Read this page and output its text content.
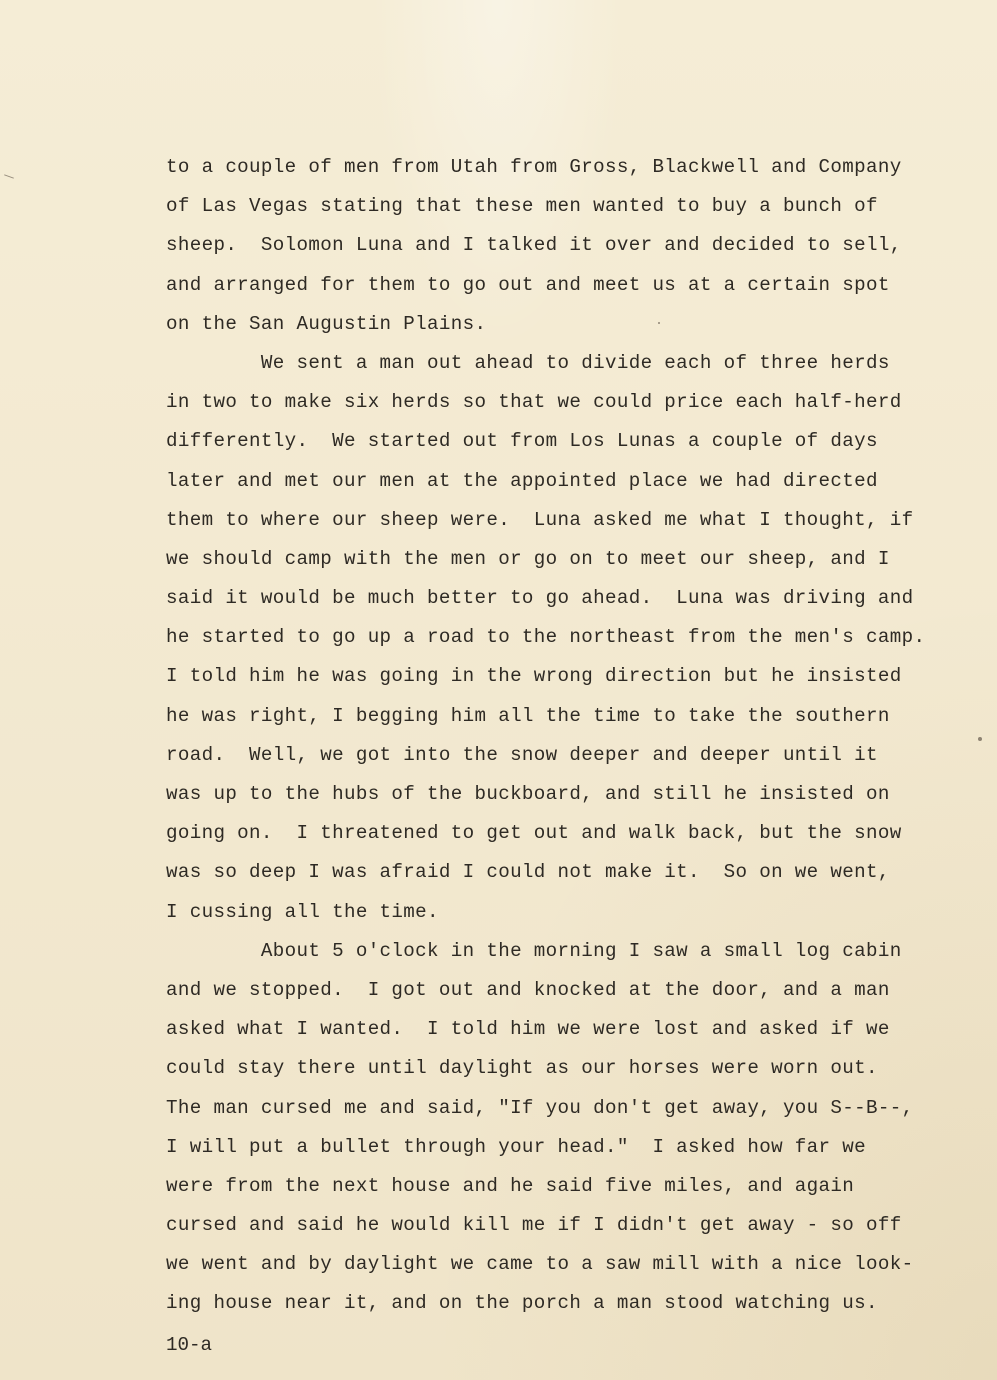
to a couple of men from Utah from Gross, Blackwell and Company
of Las Vegas stating that these men wanted to buy a bunch of
sheep.  Solomon Luna and I talked it over and decided to sell,
and arranged for them to go out and meet us at a certain spot
on the San Augustin Plains.
We sent a man out ahead to divide each of three herds
in two to make six herds so that we could price each half-herd
differently.  We started out from Los Lunas a couple of days
later and met our men at the appointed place we had directed
them to where our sheep were.  Luna asked me what I thought, if
we should camp with the men or go on to meet our sheep, and I
said it would be much better to go ahead.  Luna was driving and
he started to go up a road to the northeast from the men's camp.
I told him he was going in the wrong direction but he insisted
he was right, I begging him all the time to take the southern
road.  Well, we got into the snow deeper and deeper until it
was up to the hubs of the buckboard, and still he insisted on
going on.  I threatened to get out and walk back, but the snow
was so deep I was afraid I could not make it.  So on we went,
I cussing all the time.
About 5 o'clock in the morning I saw a small log cabin
and we stopped.  I got out and knocked at the door, and a man
asked what I wanted.  I told him we were lost and asked if we
could stay there until daylight as our horses were worn out.
The man cursed me and said, "If you don't get away, you S--B--,
I will put a bullet through your head."  I asked how far we
were from the next house and he said five miles, and again
cursed and said he would kill me if I didn't get away - so off
we went and by daylight we came to a saw mill with a nice look-
ing house near it, and on the porch a man stood watching us.
10-a
